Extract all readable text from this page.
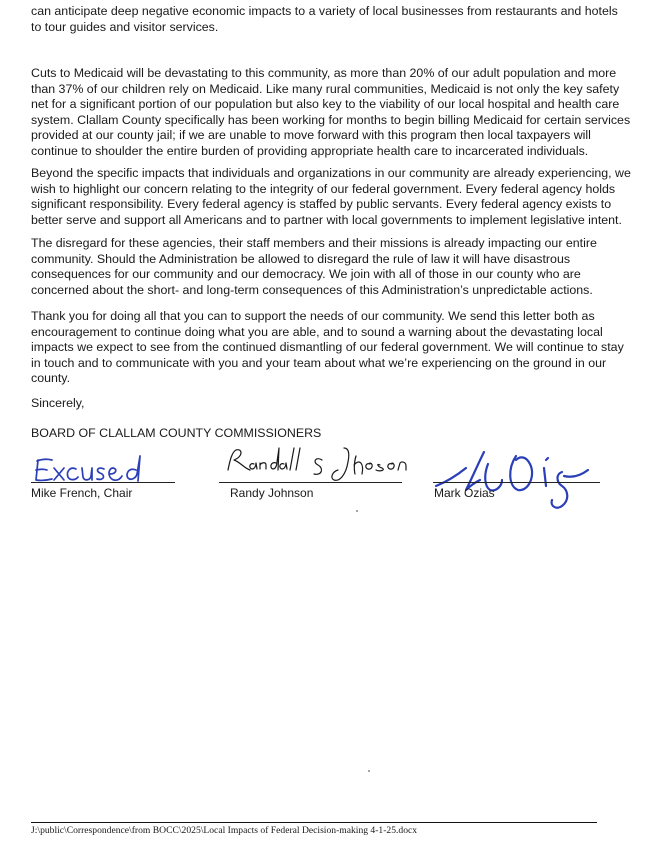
can anticipate deep negative economic impacts to a variety of local businesses from restaurants and hotels to tour guides and visitor services.

Cuts to Medicaid will be devastating to this community, as more than 20% of our adult population and more than 37% of our children rely on Medicaid. Like many rural communities, Medicaid is not only the key safety net for a significant portion of our population but also key to the viability of our local hospital and health care system. Clallam County specifically has been working for months to begin billing Medicaid for certain services provided at our county jail; if we are unable to move forward with this program then local taxpayers will continue to shoulder the entire burden of providing appropriate health care to incarcerated individuals.

Beyond the specific impacts that individuals and organizations in our community are already experiencing, we wish to highlight our concern relating to the integrity of our federal government. Every federal agency holds significant responsibility. Every federal agency is staffed by public servants. Every federal agency exists to better serve and support all Americans and to partner with local governments to implement legislative intent.

The disregard for these agencies, their staff members and their missions is already impacting our entire community. Should the Administration be allowed to disregard the rule of law it will have disastrous consequences for our community and our democracy. We join with all of those in our county who are concerned about the short- and long-term consequences of this Administration’s unpredictable actions.

Thank you for doing all that you can to support the needs of our community. We send this letter both as encouragement to continue doing what you are able, and to sound a warning about the devastating local impacts we expect to see from the continued dismantling of our federal government. We will continue to stay in touch and to communicate with you and your team about what we’re experiencing on the ground in our county.

Sincerely,

BOARD OF CLALLAM COUNTY COMMISSIONERS

Mike French, Chair	Randy Johnson	Mark Ozias

J:\public\Correspondence\from BOCC\2025\Local Impacts of Federal Decision-making 4-1-25.docx
